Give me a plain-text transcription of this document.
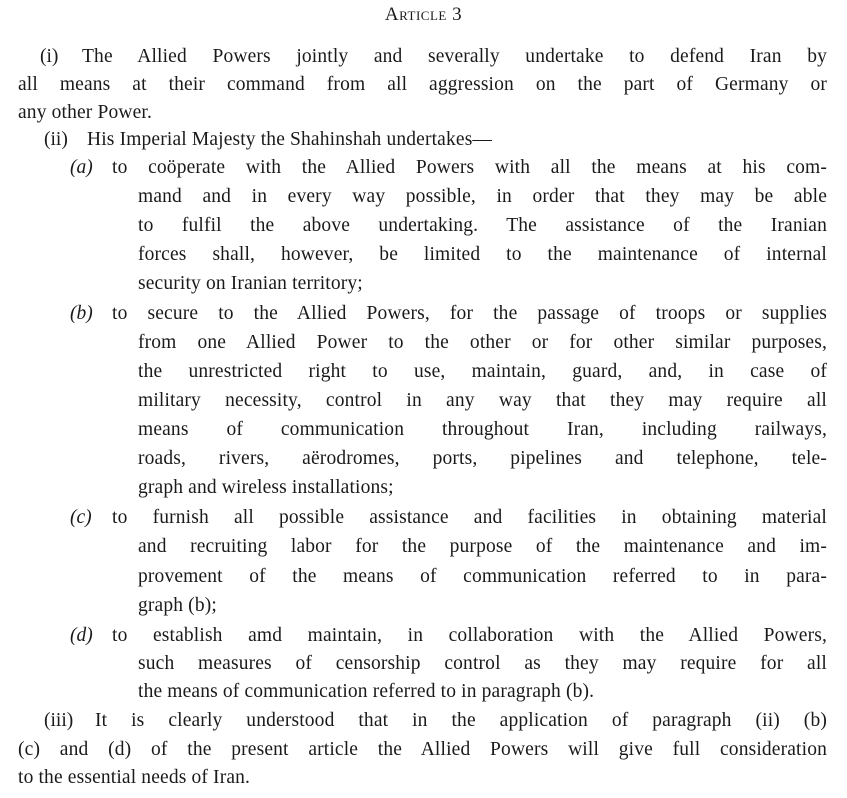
Article 3
(i) The Allied Powers jointly and severally undertake to defend Iran by
all means at their command from all aggression on the part of Germany or
any other Power.
(ii) His Imperial Majesty the Shahinshah undertakes—
(a) to coöperate with the Allied Powers with all the means at his com-
mand and in every way possible, in order that they may be able
to fulfil the above undertaking. The assistance of the Iranian
forces shall, however, be limited to the maintenance of internal
security on Iranian territory;
(b) to secure to the Allied Powers, for the passage of troops or supplies
from one Allied Power to the other or for other similar purposes,
the unrestricted right to use, maintain, guard, and, in case of
military necessity, control in any way that they may require all
means of communication throughout Iran, including railways,
roads, rivers, aërodromes, ports, pipelines and telephone, tele-
graph and wireless installations;
(c) to furnish all possible assistance and facilities in obtaining material
and recruiting labor for the purpose of the maintenance and im-
provement of the means of communication referred to in para-
graph (b);
(d) to establish amd maintain, in collaboration with the Allied Powers,
such measures of censorship control as they may require for all
the means of communication referred to in paragraph (b).
(iii) It is clearly understood that in the application of paragraph (ii) (b)
(c) and (d) of the present article the Allied Powers will give full consideration
to the essential needs of Iran.
